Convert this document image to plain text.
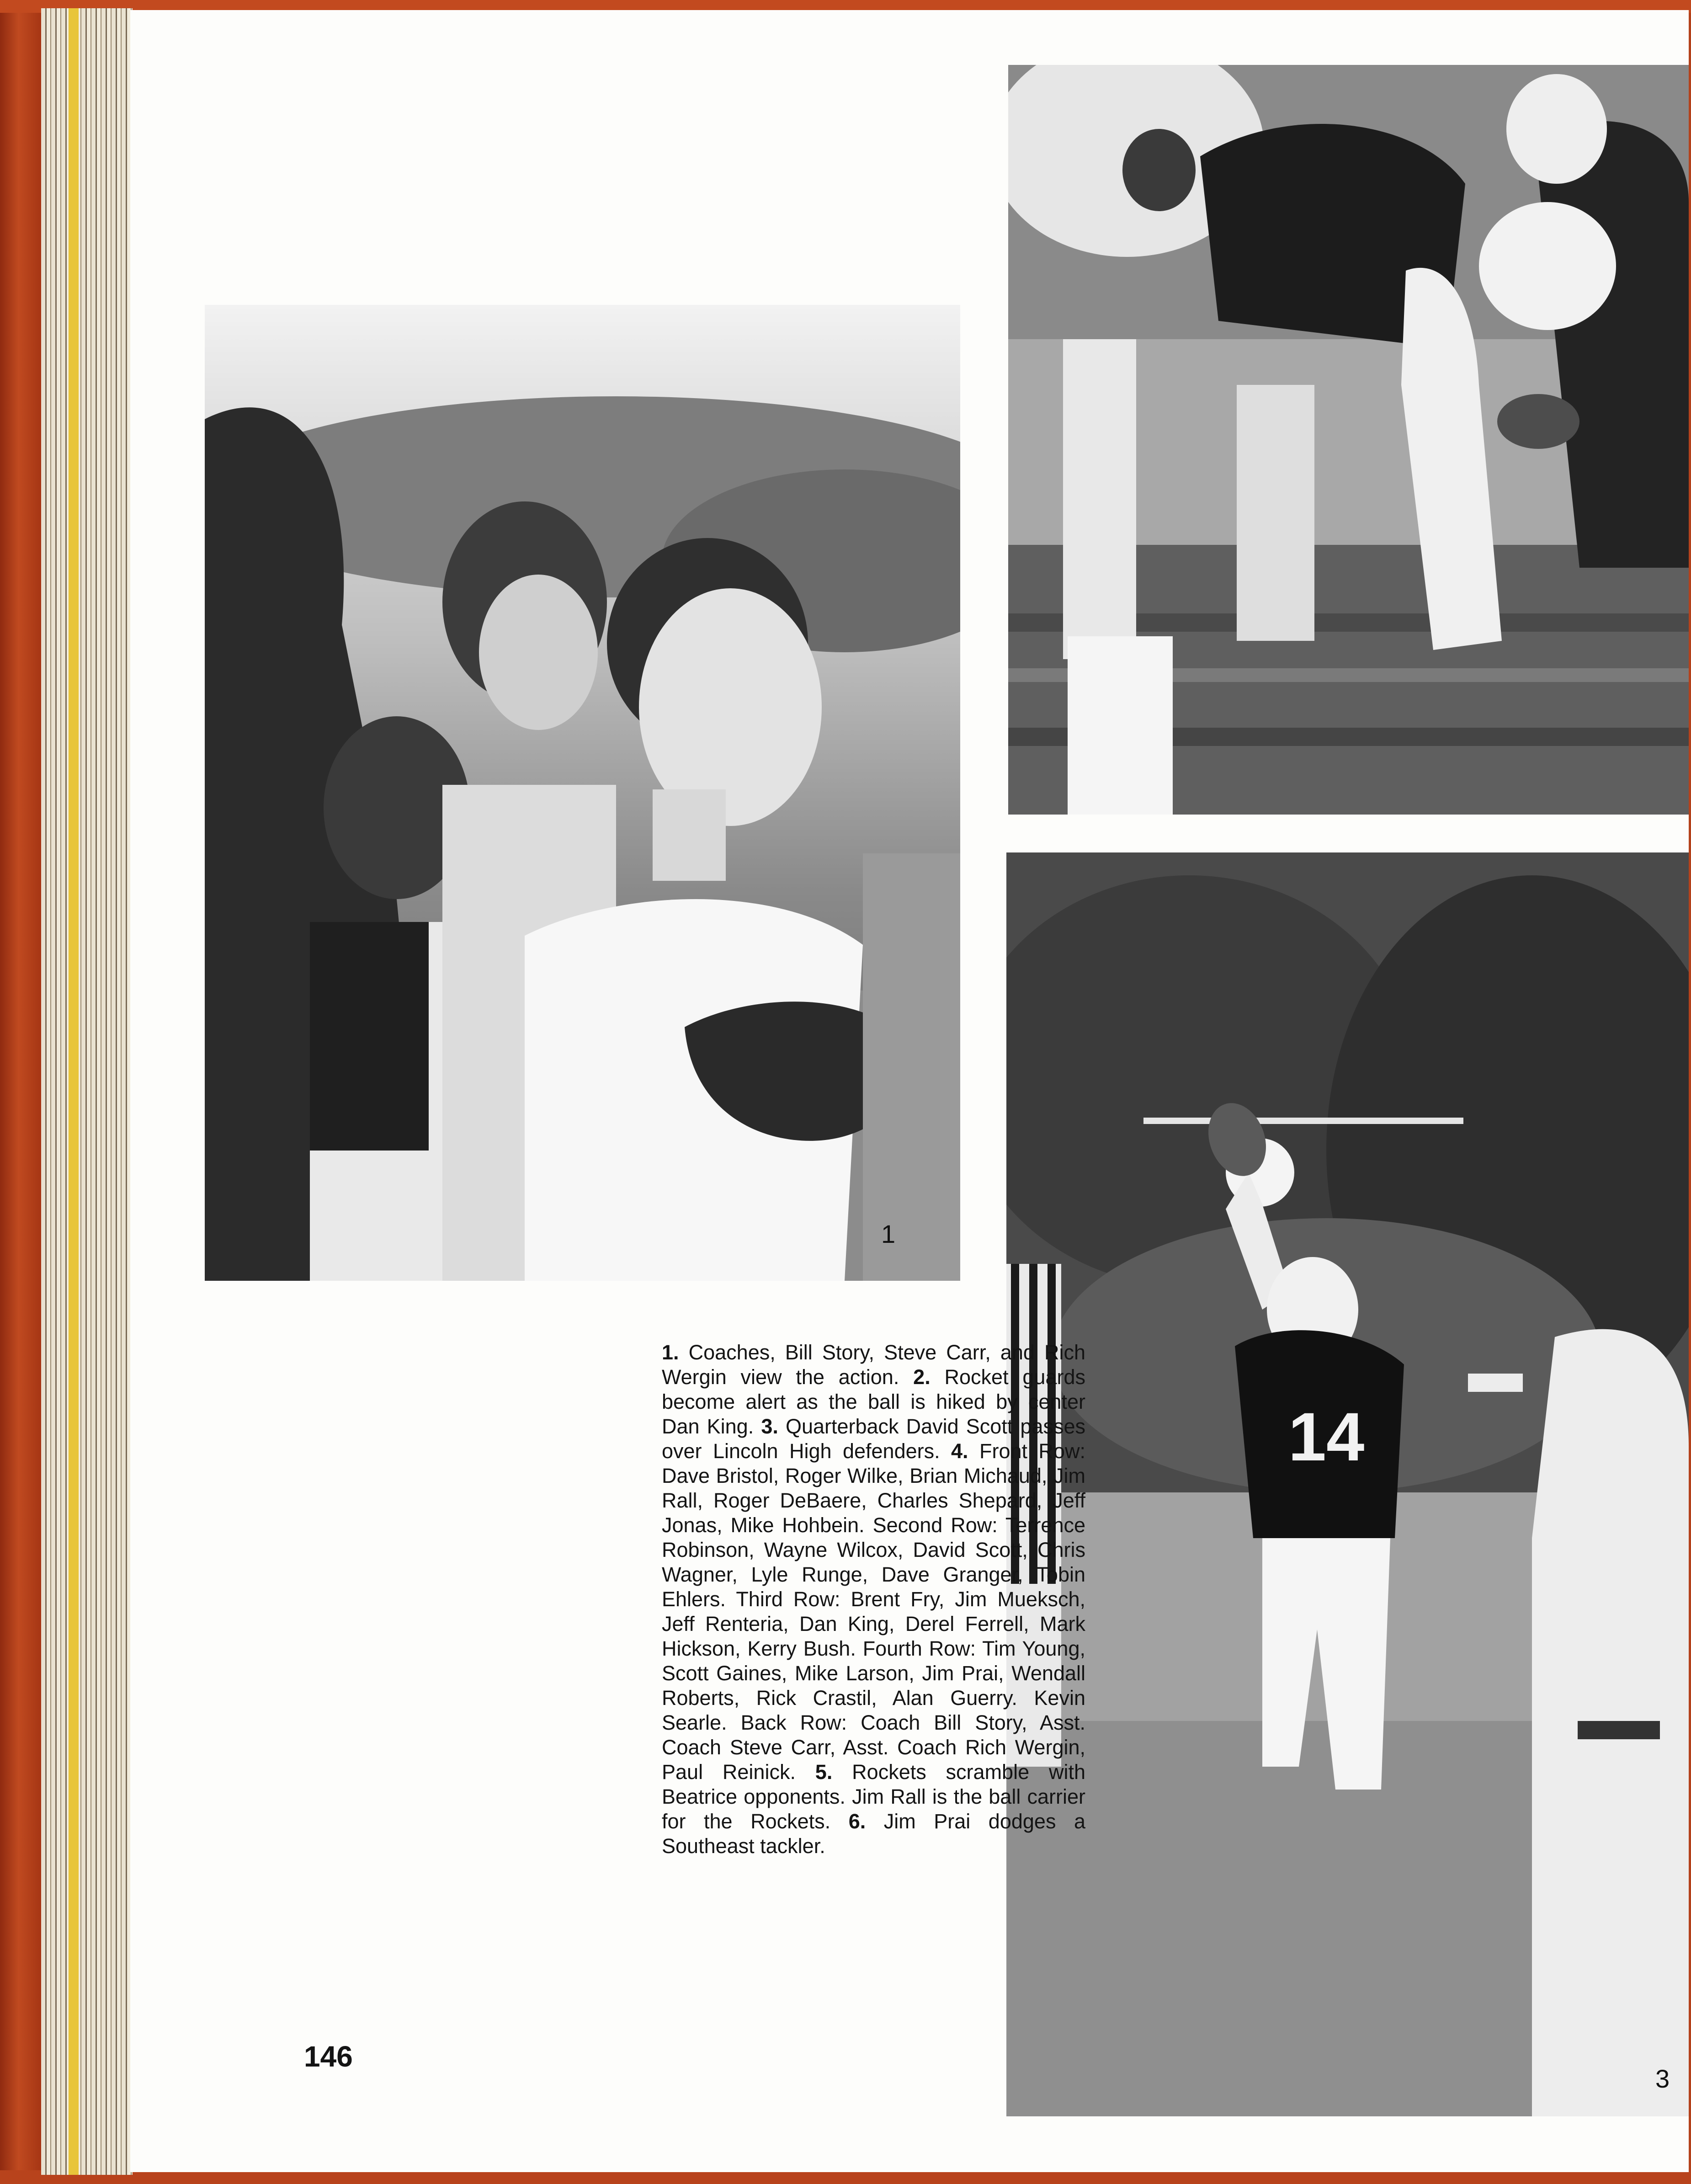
1
14
3
1. Coaches, Bill Story, Steve Carr, and Rich Wergin view the action. 2. Rocket guards become alert as the ball is hiked by center Dan King. 3. Quarterback David Scott passes over Lincoln High defenders. 4. Front Row: Dave Bristol, Roger Wilke, Brian Michaud, Jim Rall, Roger DeBaere, Charles Shepard, Jeff Jonas, Mike Hohbein. Second Row: Terrence Robinson, Wayne Wilcox, David Scott, Chris Wagner, Lyle Runge, Dave Granger, Tobin Ehlers. Third Row: Brent Fry, Jim Mueksch, Jeff Renteria, Dan King, Derel Ferrell, Mark Hickson, Kerry Bush. Fourth Row: Tim Young, Scott Gaines, Mike Larson, Jim Prai, Wendall Roberts, Rick Crastil, Alan Guerry. Kevin Searle. Back Row: Coach Bill Story, Asst. Coach Steve Carr, Asst. Coach Rich Wergin, Paul Reinick. 5. Rockets scramble with Beatrice opponents. Jim Rall is the ball carrier for the Rockets. 6. Jim Prai dodges a Southeast tackler.
146
